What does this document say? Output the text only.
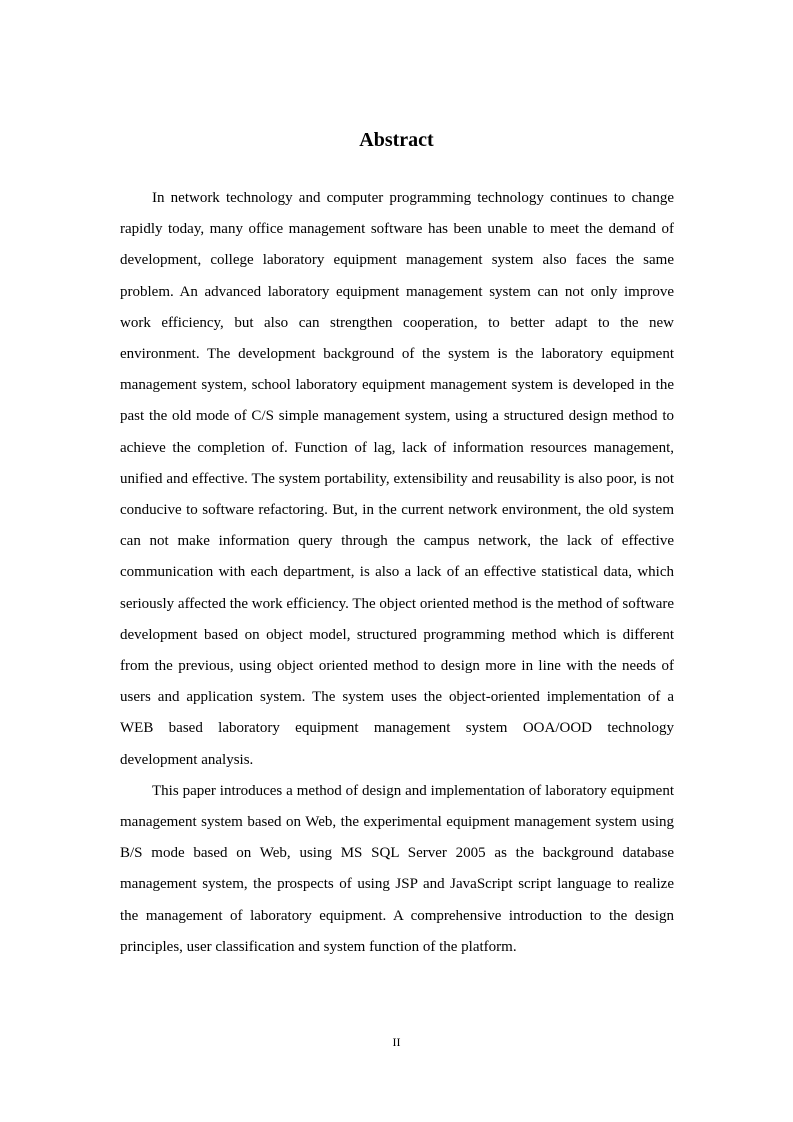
Abstract

In network technology and computer programming technology continues to change rapidly today, many office management software has been unable to meet the demand of development, college laboratory equipment management system also faces the same problem. An advanced laboratory equipment management system can not only improve work efficiency, but also can strengthen cooperation, to better adapt to the new environment. The development background of the system is the laboratory equipment management system, school laboratory equipment management system is developed in the past the old mode of C/S simple management system, using a structured design method to achieve the completion of. Function of lag, lack of information resources management, unified and effective. The system portability, extensibility and reusability is also poor, is not conducive to software refactoring. But, in the current network environment, the old system can not make information query through the campus network, the lack of effective communication with each department, is also a lack of an effective statistical data, which seriously affected the work efficiency. The object oriented method is the method of software development based on object model, structured programming method which is different from the previous, using object oriented method to design more in line with the needs of users and application system. The system uses the object-oriented implementation of a WEB based laboratory equipment management system OOA/OOD technology development analysis.

This paper introduces a method of design and implementation of laboratory equipment management system based on Web, the experimental equipment management system using B/S mode based on Web, using MS SQL Server 2005 as the background database management system, the prospects of using JSP and JavaScript script language to realize the management of laboratory equipment. A comprehensive introduction to the design principles, user classification and system function of the platform.

II
